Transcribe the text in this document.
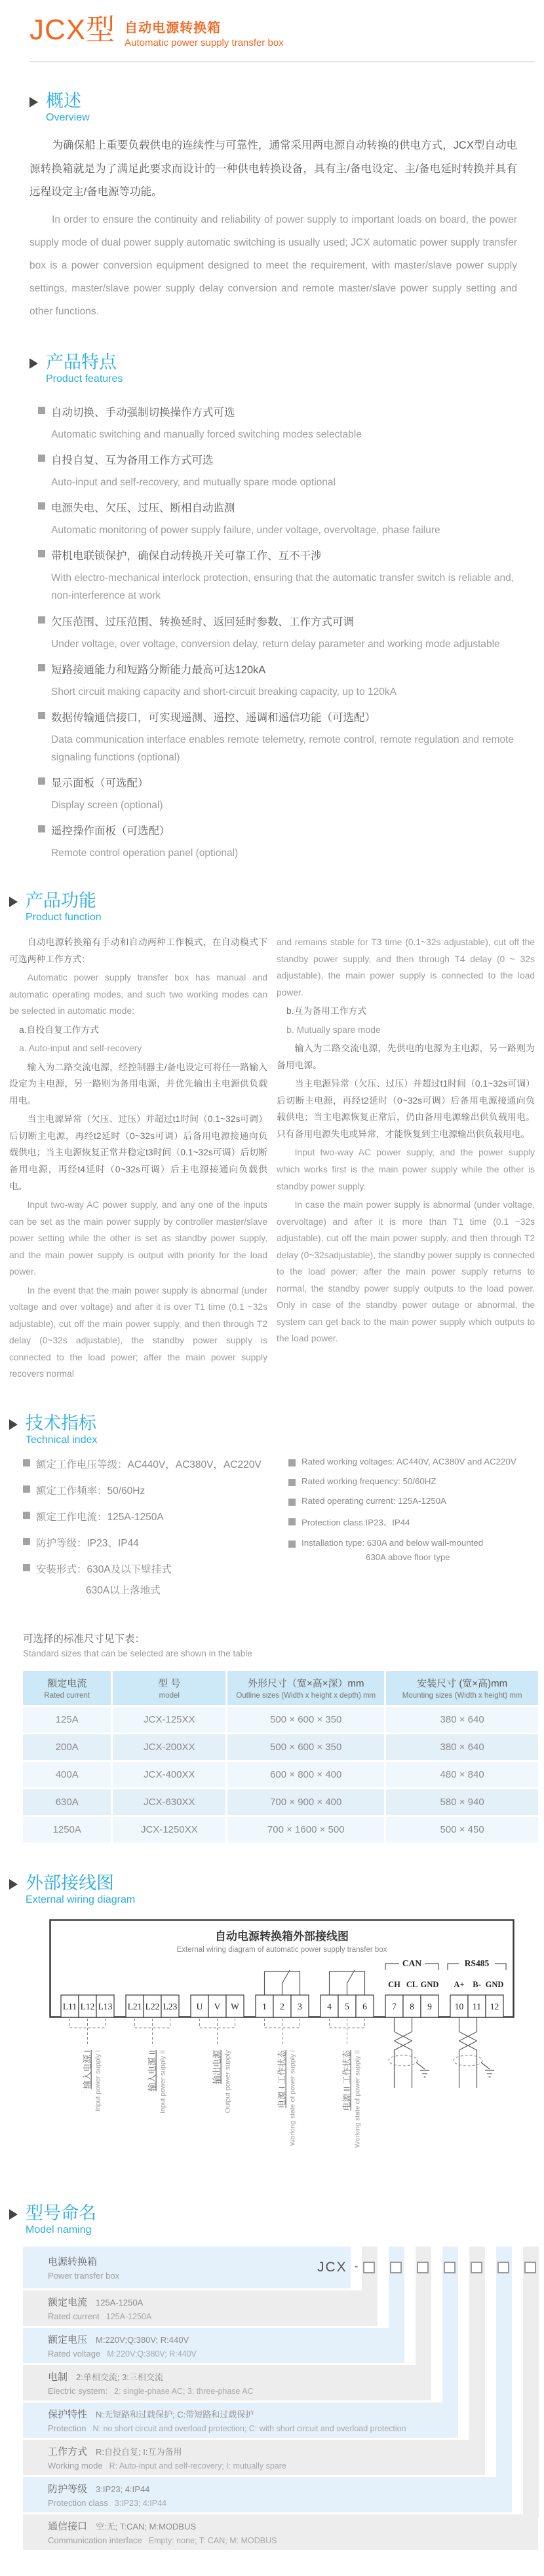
JCX型 自动电源转换箱
Automatic power supply transfer box
概述
Overview

为确保船上重要负载供电的连续性与可靠性，通常采用两电源自动转换的供电方式，JCX型自动电源转换箱就是为了满足此要求而设计的一种供电转换设备，具有主/备电设定、主/备电延时转换并具有远程设定主/备电源等功能。

In order to ensure the continuity and reliability of power supply to important loads on board, the power supply mode of dual power supply automatic switching is usually used; JCX automatic power supply transfer box is a power conversion equipment designed to meet the requirement, with master/slave power supply settings, master/slave power supply delay conversion and remote master/slave power supply setting and other functions.

产品特点
Product features
自动切换、手动强制切换操作方式可选
Automatic switching and manually forced switching modes selectable
自投自复、互为备用工作方式可选
Auto-input and self-recovery, and mutually spare mode optional
电源失电、欠压、过压、断相自动监测
Automatic monitoring of power supply failure, under voltage, overvoltage, phase failure
带机电联锁保护，确保自动转换开关可靠工作、互不干涉
With electro-mechanical interlock protection, ensuring that the automatic transfer switch is reliable and, non-interference at work
欠压范围、过压范围、转换延时、返回延时参数、工作方式可调
Under voltage, over voltage, conversion delay, return delay parameter and working mode adjustable
短路接通能力和短路分断能力最高可达120kA
Short circuit making capacity and short-circuit breaking capacity, up to 120kA
数据传输通信接口，可实现遥测、遥控、遥调和遥信功能（可选配）
Data communication interface enables remote telemetry, remote control, remote regulation and remote signaling functions (optional)
显示面板（可选配）
Display screen (optional)
遥控操作面板（可选配）
Remote control operation panel (optional)
产品功能
Product function

自动电源转换箱有手动和自动两种工作模式，在自动模式下可选两种工作方式：

Automatic power supply transfer box has manual and automatic operating modes, and such two working modes can be selected in automatic mode:

a.自投自复工作方式

a. Auto-input and self-recovery

输入为二路交流电源，经控制器主/备电设定可将任一路输入设定为主电源，另一路则为备用电源，并优先输出主电源供负载用电。

当主电源异常（欠压、过压）并超过t1时间（0.1~32s可调）后切断主电源，再经t2延时（0~32s可调）后备用电源接通向负载供电；当主电源恢复正常并稳定t3时间（0.1~32s可调）后切断备用电源，再经t4延时（0~32s可调）后主电源接通向负载供电。

Input two-way AC power supply, and any one of the inputs can be set as the main power supply by controller master/slave power setting while the other is set as standby power supply, and the main power supply is output with priority for the load power.

In the event that the main power supply is abnormal (under voltage and over voltage) and after it is over T1 time (0.1 ~32s adjustable), cut off the main power supply, and then through T2 delay (0~32s adjustable), the standby power supply is connected to the load power; after the main power supply recovers normal

and remains stable for T3 time (0.1~32s adjustable), cut off the standby power supply, and then through T4 delay (0 ~ 32s adjustable), the main power supply is connected to the load power.

b.互为备用工作方式

b. Mutually spare mode

输入为二路交流电源，先供电的电源为主电源，另一路则为备用电源。

当主电源异常（欠压、过压）并超过t1时间（0.1~32s可调）后切断主电源，再经t2延时（0~32s可调）后备用电源接通向负载供电；当主电源恢复正常后，仍由备用电源输出供负载用电。只有备用电源失电或异常，才能恢复到主电源输出供负载用电。

Input two-way AC power supply, and the power supply which works first is the main power supply while the other is standby power supply.

In case the main power supply is abnormal (under voltage, overvoltage) and after it is more than T1 time (0.1 ~32s adjustable), cut off the main power supply, and then through T2 delay (0~32sadjustable), the standby power supply is connected to the load power; after the main power supply returns to normal, the standby power supply outputs to the load power. Only in case of the standby power outage or abnormal, the system can get back to the main power supply which outputs to the load power.

技术指标
Technical index
额定工作电压等级：AC440V，AC380V，AC220V
额定工作频率：50/60Hz
额定工作电流：125A-1250A
防护等级：IP23、IP44
安装形式：630A及以下壁挂式
630A以上落地式
Rated working voltages: AC440V, AC380V and AC220V
Rated working frequency: 50/60HZ
Rated operating current: 125A-1250A
Protection class:IP23、IP44
Installation type: 630A and below wall-mounted
630A above floor type
可选择的标准尺寸见下表：
Standard sizes that can be selected are shown in the table
额定电流
Rated current

型 号
model

外形尺寸（宽×高×深）mm
Outline sizes (Width x height x depth) mm

安装尺寸 (宽×高)mm
Mounting sizes (Width x height) mm

125A	JCX-125XX	500 × 600 × 350	380 × 640
200A	JCX-200XX	500 × 600 × 350	380 × 640
400A	JCX-400XX	600 × 800 × 400	480 × 840
630A	JCX-630XX	700 × 900 × 400	580 × 940
1250A	JCX-1250XX	700 × 1600 × 500	500 × 450
外部接线图
External wiring diagram
自动电源转换箱外部接线图
External wiring diagram of automatic power supply transfer box
CAN	RS485
CH CL GND A+ B- GND
L11 L12 L13 L21 L22 L23 U V W	1 2 3	4 5 6	7 8 9	10 11 12
输入电源 I Input power supply I	输入电源 II Input power supply II	输出电源 Output power supply	电源 I 工作状态 Working state of power supply I	电源 II 工作状态 Working state of power supply II
型号命名
Model naming
JCX -
电源转换箱
Power transfer box
额定电流 125A-1250A
Rated current 125A-1250A
额定电压 M:220V;Q:380V; R:440V
Rated voltage M:220V;Q:380V; R:440V
电制 2:单相交流; 3:三相交流
Electric system: 2: single-phase AC; 3: three-phase AC
保护特性 N:无短路和过载保护; C:带短路和过载保护
Protection N: no short circuit and overload protection; C: with short circuit and overload protection
工作方式 R:自投自复; I:互为备用
Working mode R: Auto-input and self-recovery; I: mutually spare
防护等级 3:IP23; 4:IP44
Protection class 3:IP23; 4:IP44
通信接口 空:无; T:CAN; M:MODBUS
Communication interface Empty: none; T: CAN; M: MODBUS
